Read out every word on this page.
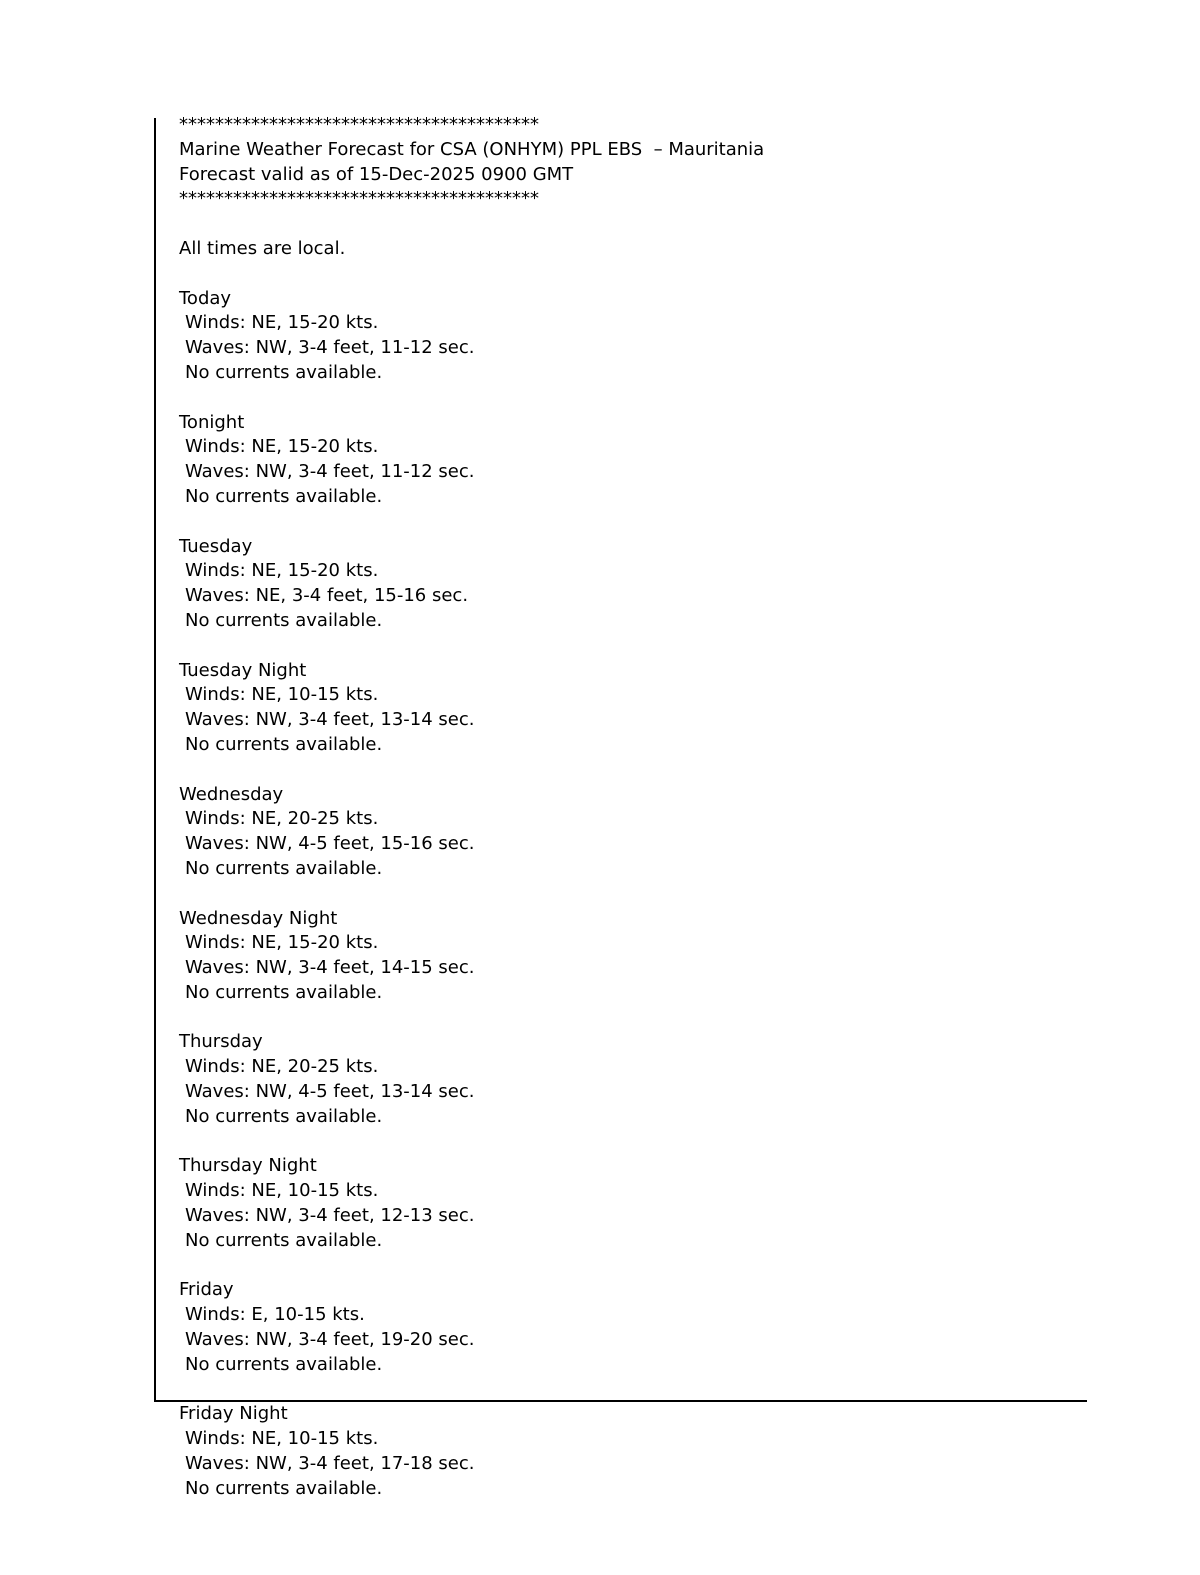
****************************************
Marine Weather Forecast for CSA (ONHYM) PPL EBS  – Mauritania
Forecast valid as of 15-Dec-2025 0900 GMT
****************************************
All times are local.
Today
Winds: NE, 15-20 kts.
Waves: NW, 3-4 feet, 11-12 sec.
No currents available.
Tonight
Winds: NE, 15-20 kts.
Waves: NW, 3-4 feet, 11-12 sec.
No currents available.
Tuesday
Winds: NE, 15-20 kts.
Waves: NE, 3-4 feet, 15-16 sec.
No currents available.
Tuesday Night
Winds: NE, 10-15 kts.
Waves: NW, 3-4 feet, 13-14 sec.
No currents available.
Wednesday
Winds: NE, 20-25 kts.
Waves: NW, 4-5 feet, 15-16 sec.
No currents available.
Wednesday Night
Winds: NE, 15-20 kts.
Waves: NW, 3-4 feet, 14-15 sec.
No currents available.
Thursday
Winds: NE, 20-25 kts.
Waves: NW, 4-5 feet, 13-14 sec.
No currents available.
Thursday Night
Winds: NE, 10-15 kts.
Waves: NW, 3-4 feet, 12-13 sec.
No currents available.
Friday
Winds: E, 10-15 kts.
Waves: NW, 3-4 feet, 19-20 sec.
No currents available.
Friday Night
Winds: NE, 10-15 kts.
Waves: NW, 3-4 feet, 17-18 sec.
No currents available.
